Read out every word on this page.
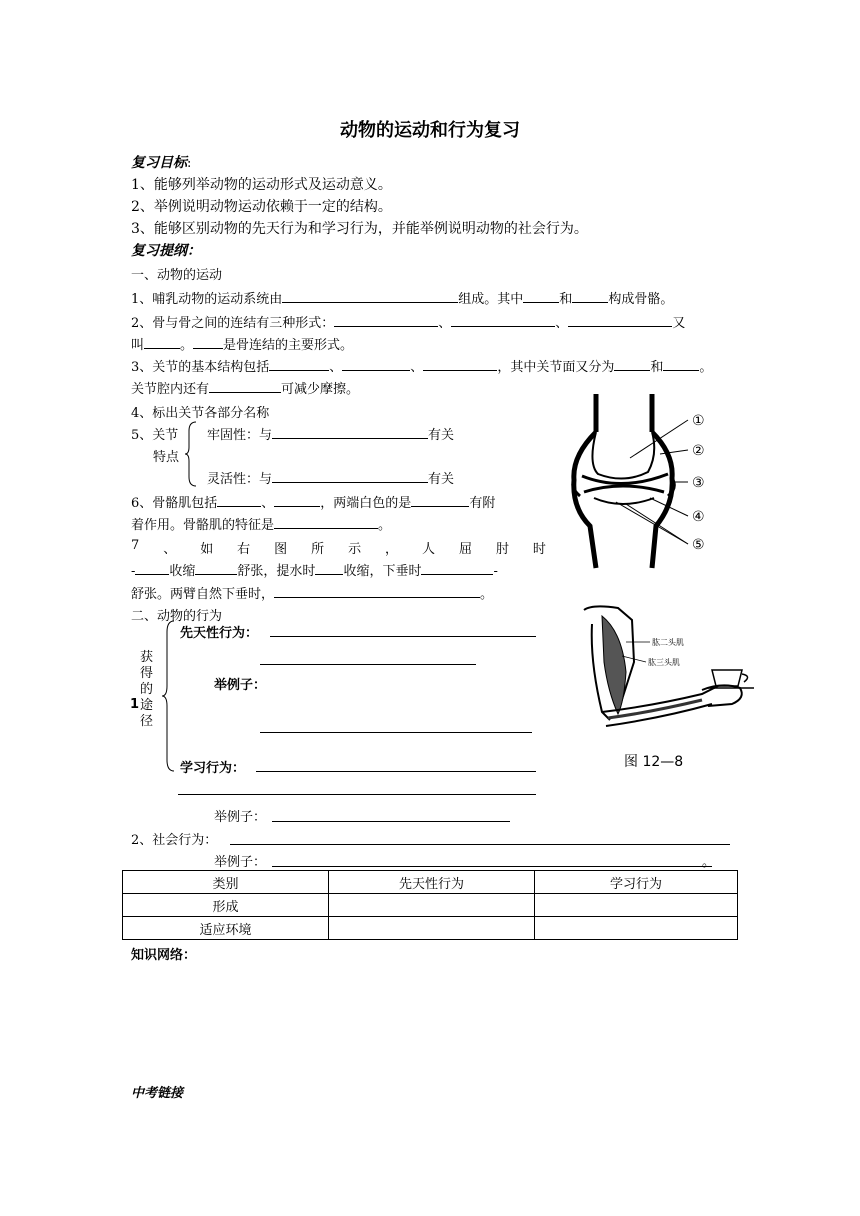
动物的运动和行为复习
复习目标:
1、能够列举动物的运动形式及运动意义。
2、举例说明动物运动依赖于一定的结构。
3、能够区别动物的先天行为和学习行为，并能举例说明动物的社会行为。
复习提纲：
一、动物的运动
1、哺乳动物的运动系统由	组成。其中	和	构成骨骼。
2、骨与骨之间的连结有三种形式：	、	、	又
叫	。 是骨连结的主要形式。
3、关节的基本结构包括	、	、	，其中关节面又分为	和	。
关节腔内还有	可减少摩擦。
4、标出关节各部分名称
5、关节
特点
牢固性：与	有关
灵活性：与	有关
6、骨骼肌包括	、	，两端白色的是	有附
着作用。骨骼肌的特征是	。
7 、 如 右 图 所 示 ， 人 屈 肘 时
-	收缩	舒张，提水时 收缩，下垂时	-
舒张。两臂自然下垂时，	。
①
②
③
④
⑤
二、动物的行为
获
得
的
1 途
径
先天性行为：
举例子：
学习行为：
举例子：
2、社会行为：
举例子：	。
肱二头肌
肱三头肌
图 12—8
类别	先天性行为	学习行为
形成		
适应环境		
知识网络：
中考链接
